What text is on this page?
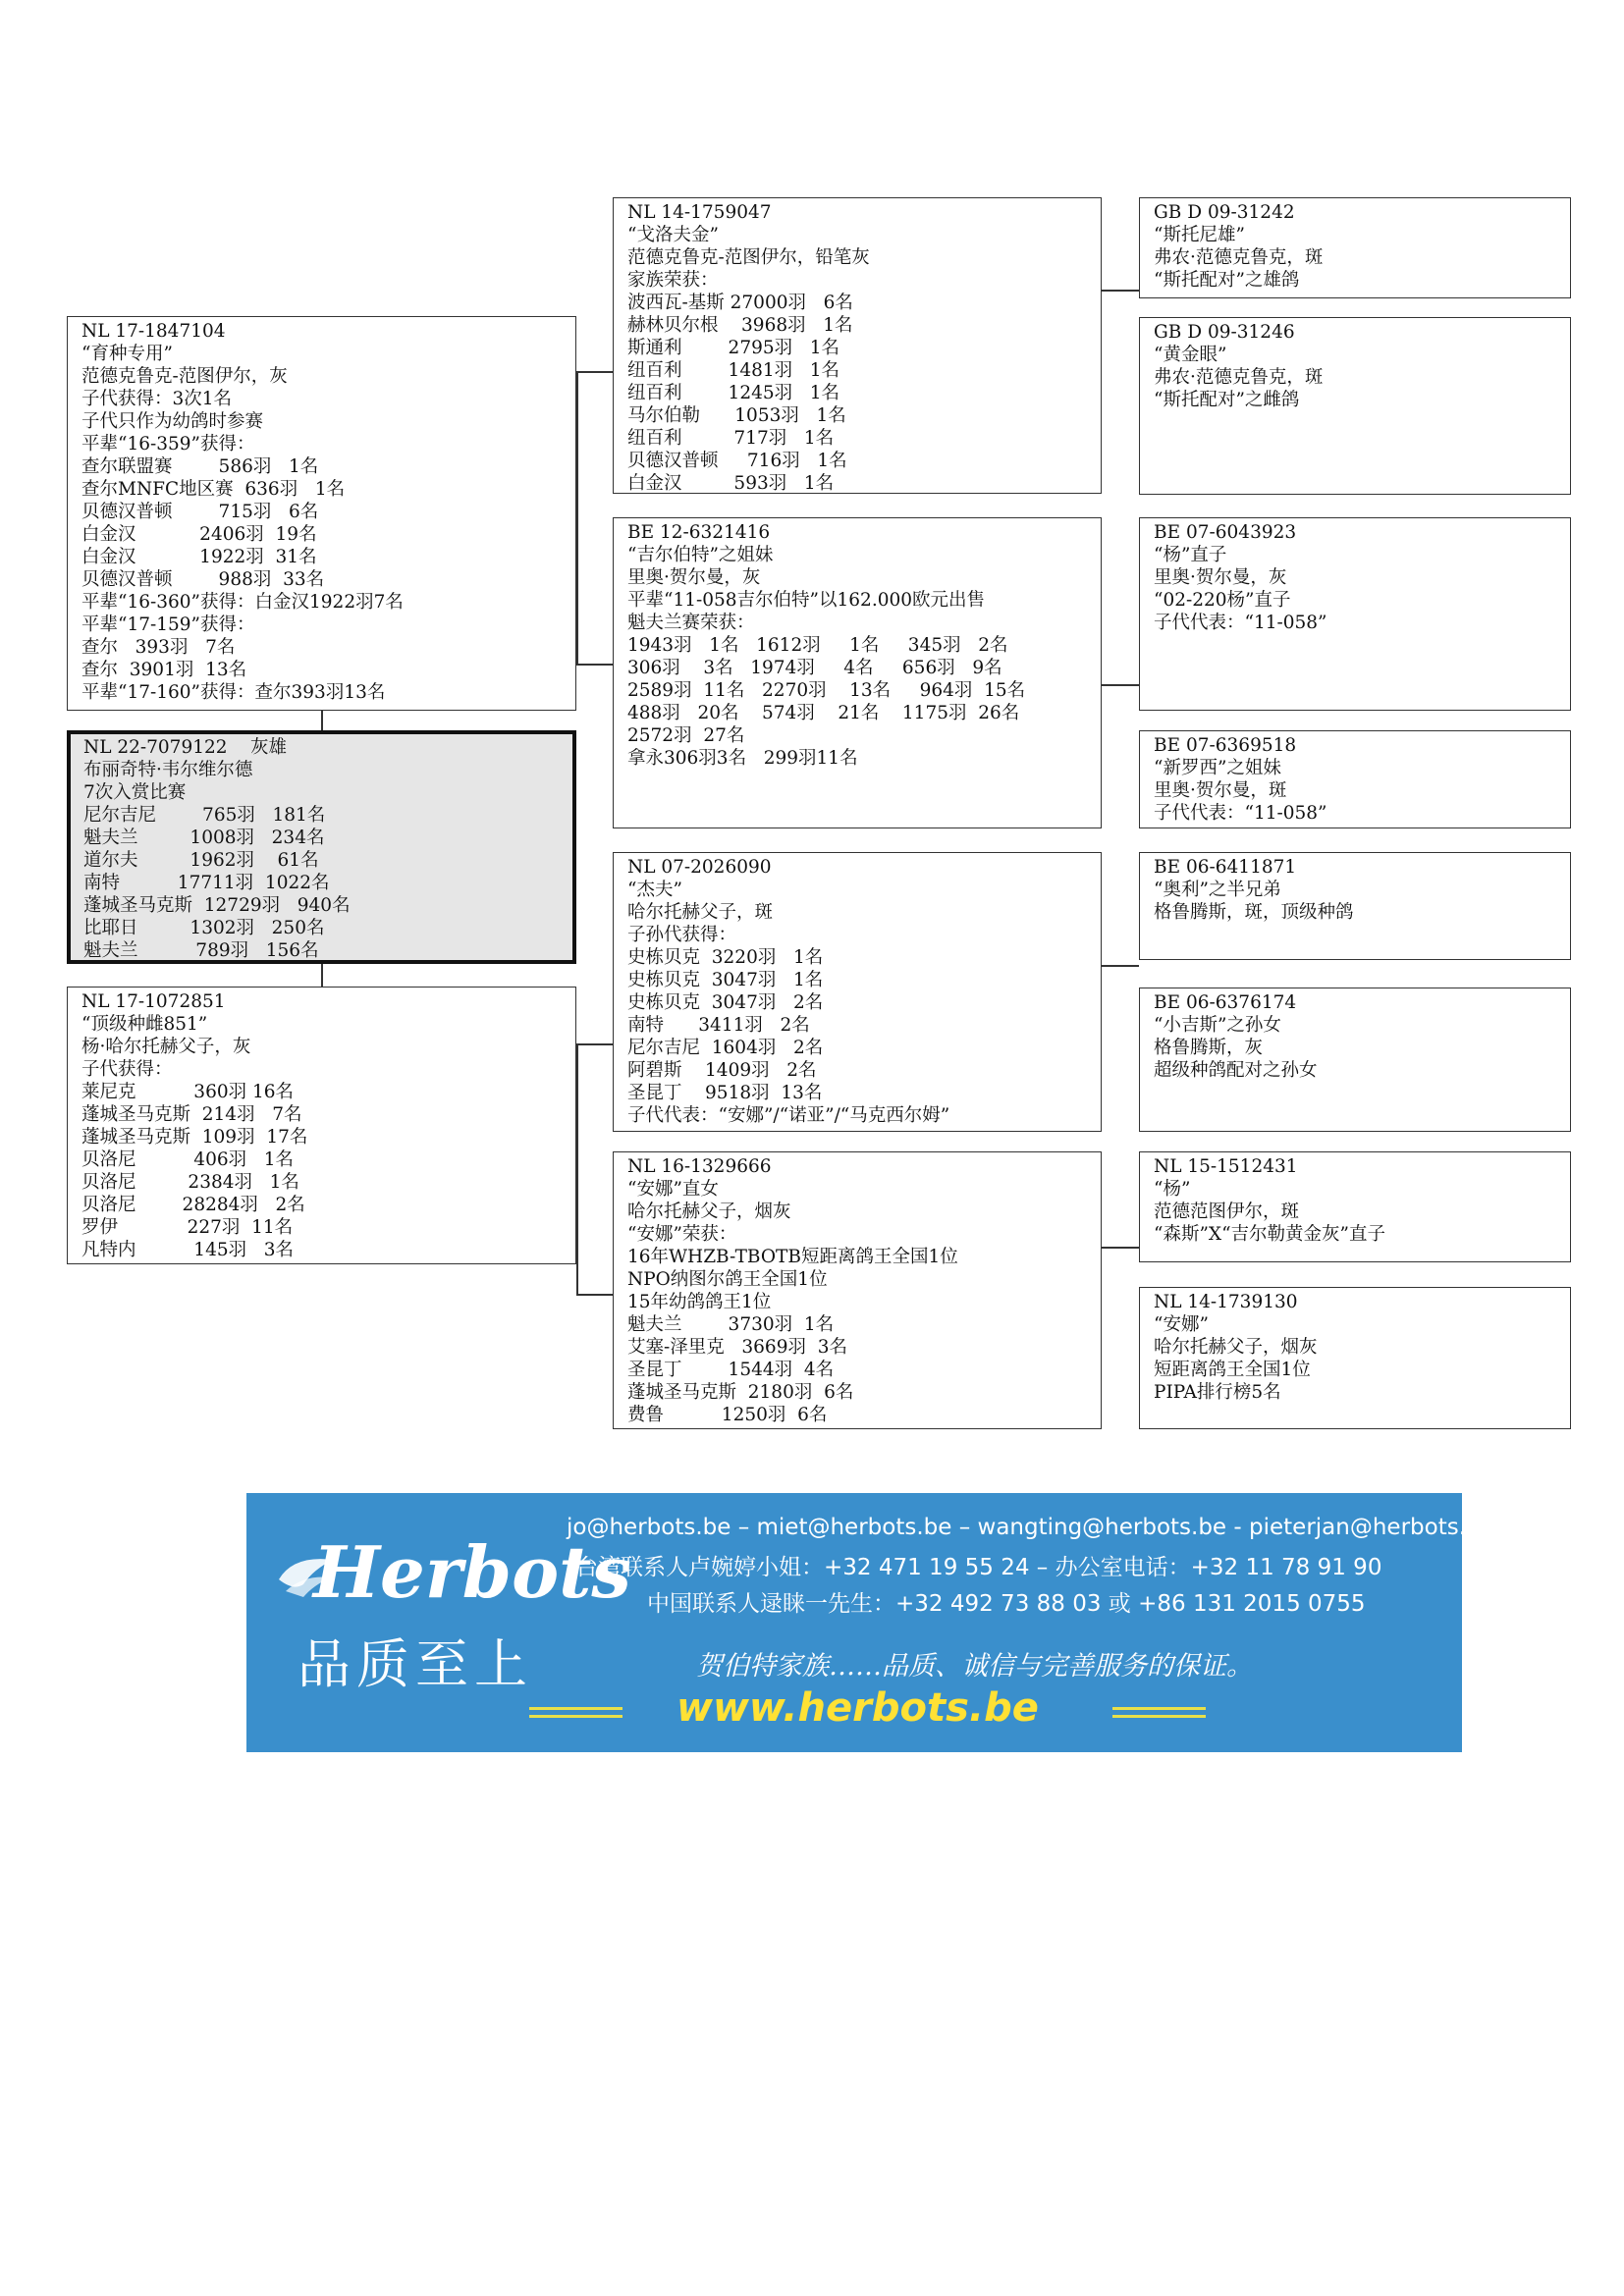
NL 17-1847104
“育种专用”
范德克鲁克-范图伊尔，灰
子代获得：3次1名
子代只作为幼鸽时参赛
平辈“16-359”获得：
查尔联盟赛        586羽   1名
查尔MNFC地区赛  636羽   1名
贝德汉普顿        715羽   6名
白金汉           2406羽  19名
白金汉           1922羽  31名
贝德汉普顿        988羽  33名
平辈“16-360”获得：白金汉1922羽7名
平辈“17-159”获得：
查尔   393羽   7名
查尔  3901羽  13名
平辈“17-160”获得：查尔393羽13名
NL 22-7079122    灰雄
布丽奇特·韦尔维尔德
7次入赏比赛
尼尔吉尼        765羽   181名
魁夫兰         1008羽   234名
道尔夫         1962羽    61名
南特          17711羽  1022名
蓬城圣马克斯  12729羽   940名
比耶日         1302羽   250名
魁夫兰          789羽   156名
NL 17-1072851
“顶级种雌851”
杨·哈尔托赫父子，灰
子代获得：
莱尼克          360羽 16名
蓬城圣马克斯  214羽   7名
蓬城圣马克斯  109羽  17名
贝洛尼          406羽   1名
贝洛尼         2384羽   1名
贝洛尼        28284羽   2名
罗伊            227羽  11名
凡特内          145羽   3名
NL 14-1759047
“戈洛夫金”
范德克鲁克-范图伊尔，铅笔灰
家族荣获：
波西瓦-基斯 27000羽   6名
赫林贝尔根    3968羽   1名
斯通利        2795羽   1名
纽百利        1481羽   1名
纽百利        1245羽   1名
马尔伯勒      1053羽   1名
纽百利         717羽   1名
贝德汉普顿     716羽   1名
白金汉         593羽   1名
BE 12-6321416
“吉尔伯特”之姐妹
里奥·贺尔曼，灰
平辈“11-058吉尔伯特”以162.000欧元出售
魁夫兰赛荣获：
1943羽   1名   1612羽     1名     345羽   2名
306羽    3名   1974羽     4名     656羽   9名
2589羽  11名   2270羽    13名     964羽  15名
488羽   20名    574羽    21名    1175羽  26名
2572羽  27名
拿永306羽3名   299羽11名
NL 07-2026090
“杰夫”
哈尔托赫父子，斑
子孙代获得：
史栋贝克  3220羽   1名
史栋贝克  3047羽   1名
史栋贝克  3047羽   2名
南特      3411羽   2名
尼尔吉尼  1604羽   2名
阿碧斯    1409羽   2名
圣昆丁    9518羽  13名
子代代表：“安娜”/“诺亚”/“马克西尔姆”
NL 16-1329666
“安娜”直女
哈尔托赫父子，烟灰
“安娜”荣获：
16年WHZB-TBOTB短距离鸽王全国1位
NPO纳图尔鸽王全国1位
15年幼鸽鸽王1位
魁夫兰        3730羽  1名
艾塞-泽里克   3669羽  3名
圣昆丁        1544羽  4名
蓬城圣马克斯  2180羽  6名
费鲁          1250羽  6名
GB D 09-31242
“斯托尼雄”
弗农·范德克鲁克，斑
“斯托配对”之雄鸽
GB D 09-31246
“黄金眼”
弗农·范德克鲁克，斑
“斯托配对”之雌鸽
BE 07-6043923
“杨”直子
里奥·贺尔曼，灰
“02-220杨”直子
子代代表：“11-058”
BE 07-6369518
“新罗西”之姐妹
里奥·贺尔曼，斑
子代代表：“11-058”
BE 06-6411871
“奥利”之半兄弟
格鲁腾斯，斑，顶级种鸽
BE 06-6376174
“小吉斯”之孙女
格鲁腾斯，灰
超级种鸽配对之孙女
NL 15-1512431
“杨”
范德范图伊尔，斑
“森斯”X“吉尔勒黄金灰”直子
NL 14-1739130
“安娜”
哈尔托赫父子，烟灰
短距离鸽王全国1位
PIPA排行榜5名
Herbots
品质至上
jo@herbots.be – miet@herbots.be – wangting@herbots.be - pieterjan@herbots.be
台湾联系人卢婉婷小姐：+32 471 19 55 24 – 办公室电话：+32 11 78 91 90
中国联系人逯睐一先生：+32 492 73 88 03 或 +86 131 2015 0755
贺伯特家族……品质、诚信与完善服务的保证。
www.herbots.be
